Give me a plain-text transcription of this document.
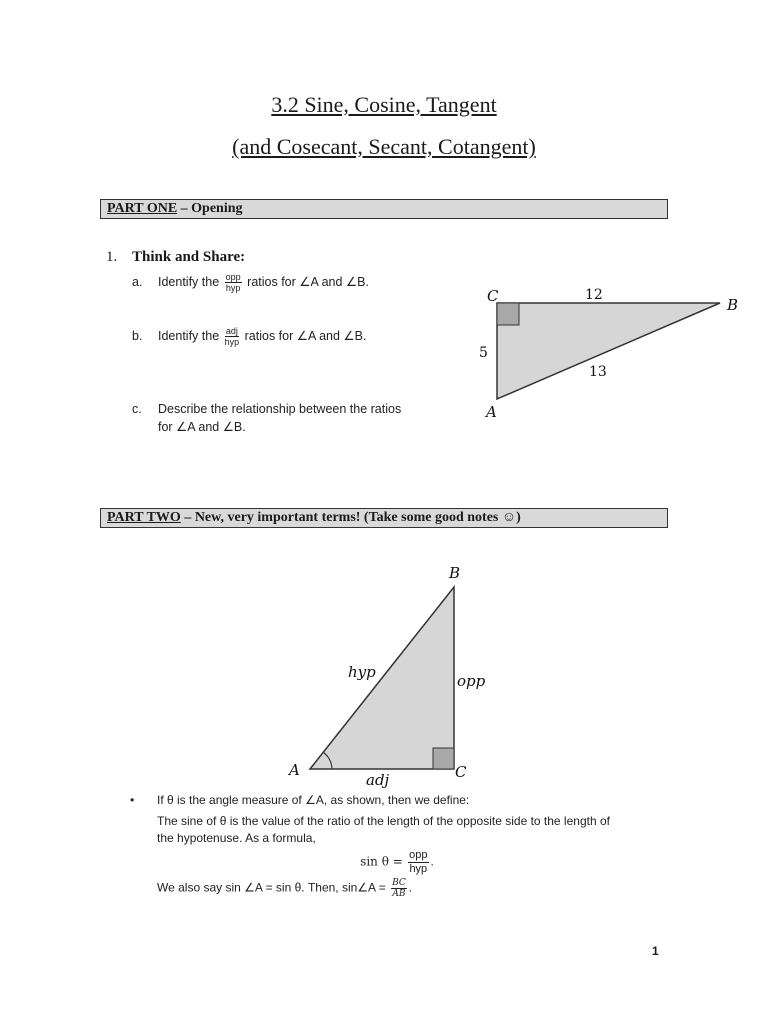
3.2 Sine, Cosine, Tangent
(and Cosecant, Secant, Cotangent)
PART ONE – Opening
1. Think and Share:
a. Identify the $\frac{\text{opp}}{\text{hyp}}$ ratios for ∠A and ∠B.
b. Identify the $\frac{\text{adj}}{\text{hyp}}$ ratios for ∠A and ∠B.
c. Describe the relationship between the ratios
for ∠A and ∠B.
C	B
A
12
5
13
PART TWO – New, very important terms! (Take some good notes ☺)
B
A	C
hyp	opp
adj
• If θ is the angle measure of ∠A, as shown, then we define:
The sine of θ is the value of the ratio of the length of the opposite side to the length of
the hypotenuse. As a formula,
$\sin \theta = \frac{\text{opp}}{\text{hyp}}$ .
We also say sin ∠A = sin θ. Then, sin∠A = $\frac{BC}{AB}$ .
1
